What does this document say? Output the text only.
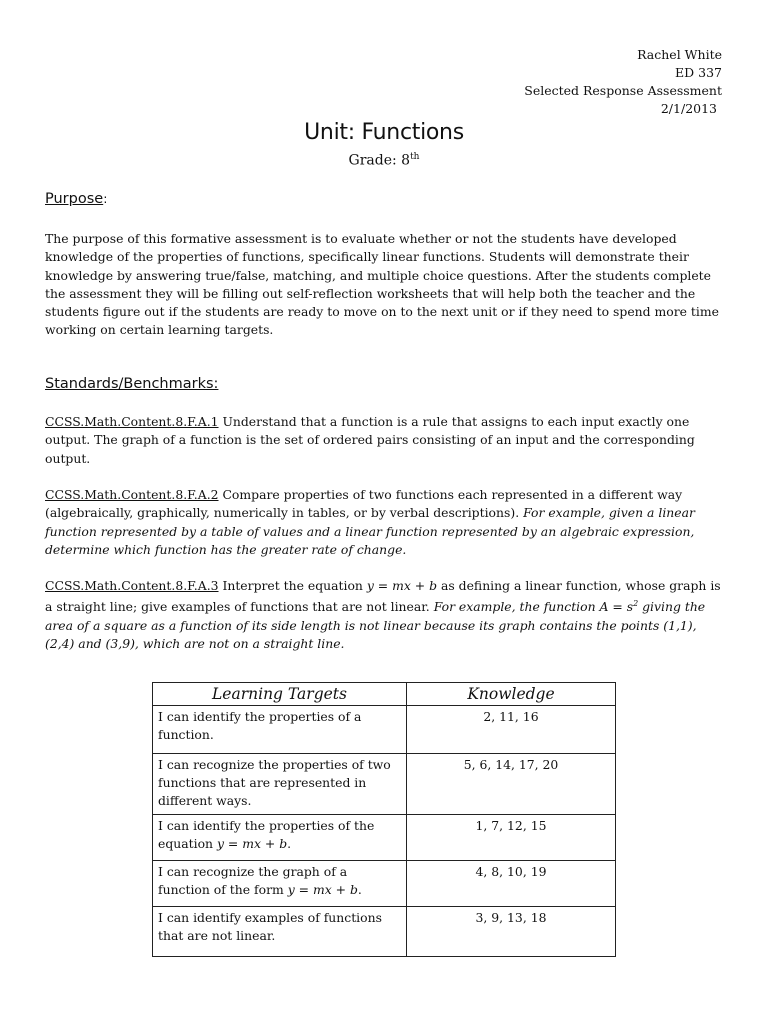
Rachel White
ED 337
Selected Response Assessment
2/1/2013
Unit: Functions
Grade: 8th
Purpose:
The purpose of this formative assessment is to evaluate whether or not the students have developed knowledge of the properties of functions, specifically linear functions. Students will demonstrate their knowledge by answering true/false, matching, and multiple choice questions. After the students complete the assessment they will be filling out self-reflection worksheets that will help both the teacher and the students figure out if the students are ready to move on to the next unit or if they need to spend more time working on certain learning targets.
Standards/Benchmarks:
CCSS.Math.Content.8.F.A.1 Understand that a function is a rule that assigns to each input exactly one output. The graph of a function is the set of ordered pairs consisting of an input and the corresponding output.
CCSS.Math.Content.8.F.A.2 Compare properties of two functions each represented in a different way (algebraically, graphically, numerically in tables, or by verbal descriptions). For example, given a linear function represented by a table of values and a linear function represented by an algebraic expression, determine which function has the greater rate of change.
CCSS.Math.Content.8.F.A.3 Interpret the equation y = mx + b as defining a linear function, whose graph is a straight line; give examples of functions that are not linear. For example, the function $A = s^2$ giving the area of a square as a function of its side length is not linear because its graph contains the points (1,1), (2,4) and (3,9), which are not on a straight line.
Learning Targets	Knowledge
I can identify the properties of a function.	2, 11, 16
I can recognize the properties of two functions that are represented in different ways.	5, 6, 14, 17, 20
I can identify the properties of the equation y = mx + b.	1, 7, 12, 15
I can recognize the graph of a function of the form y = mx + b.	4, 8, 10, 19
I can identify examples of functions that are not linear.	3, 9, 13, 18
